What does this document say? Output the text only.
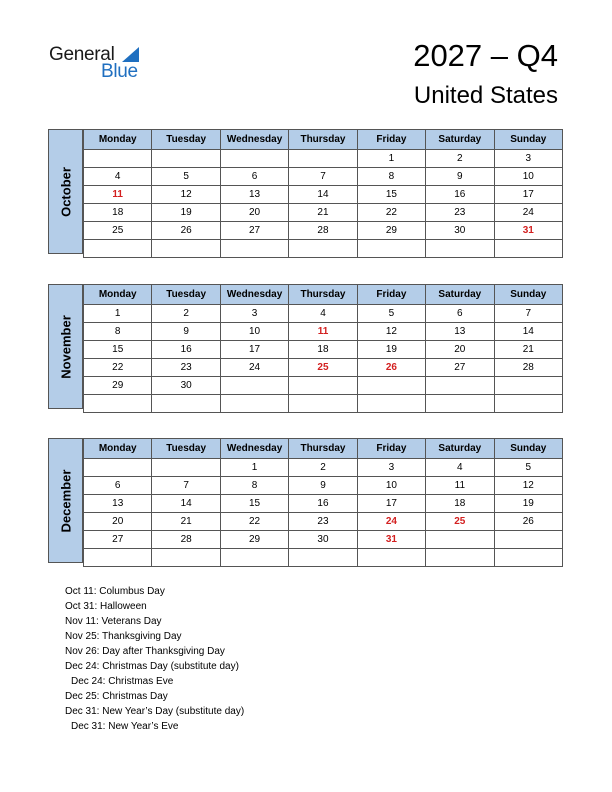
General
Blue	2027 – Q4
United States
October
Monday	Tuesday	Wednesday	Thursday	Friday	Saturday	Sunday
				1	2	3
4	5	6	7	8	9	10
11	12	13	14	15	16	17
18	19	20	21	22	23	24
25	26	27	28	29	30	31

November
Monday	Tuesday	Wednesday	Thursday	Friday	Saturday	Sunday
1	2	3	4	5	6	7
8	9	10	11	12	13	14
15	16	17	18	19	20	21
22	23	24	25	26	27	28
29	30					

December
Monday	Tuesday	Wednesday	Thursday	Friday	Saturday	Sunday
		1	2	3	4	5
6	7	8	9	10	11	12
13	14	15	16	17	18	19
20	21	22	23	24	25	26
27	28	29	30	31		

Oct 11: Columbus Day
Oct 31: Halloween
Nov 11: Veterans Day
Nov 25: Thanksgiving Day
Nov 26: Day after Thanksgiving Day
Dec 24: Christmas Day (substitute day)
Dec 24: Christmas Eve
Dec 25: Christmas Day
Dec 31: New Year’s Day (substitute day)
Dec 31: New Year’s Eve
